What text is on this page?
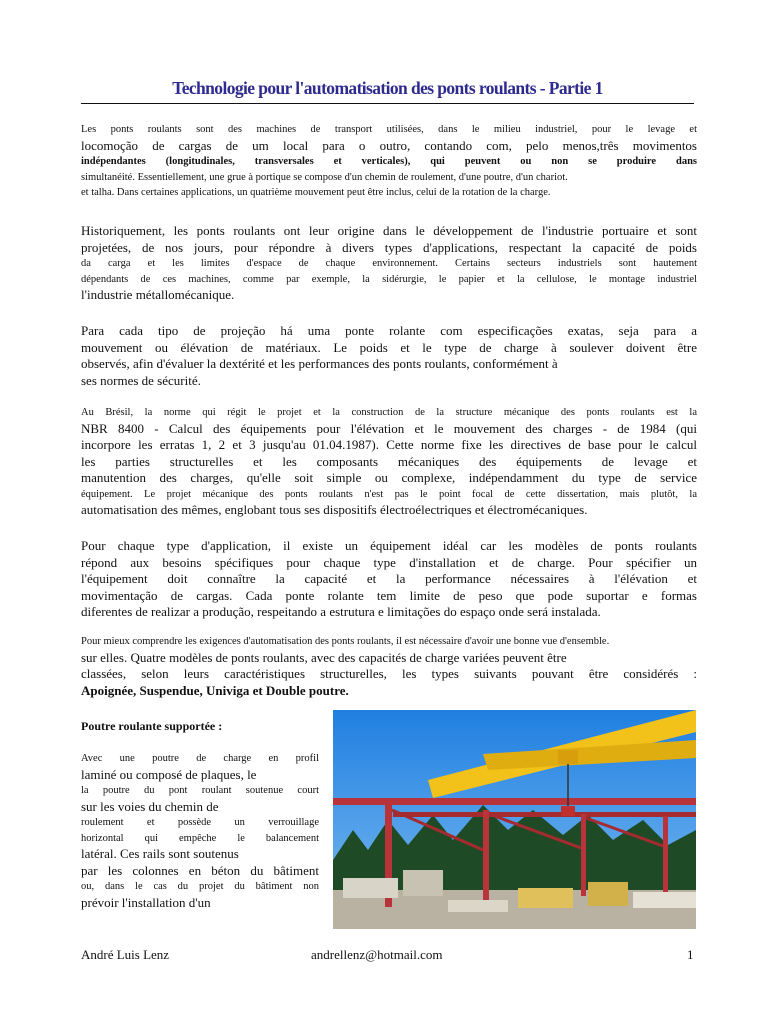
Technologie pour l'automatisation des ponts roulants - Partie 1
Les ponts roulants sont des machines de transport utilisées, dans le milieu industriel, pour le levage et
locomoção de cargas de um local para o outro, contando com, pelo menos,três movimentos
indépendantes (longitudinales, transversales et verticales), qui peuvent ou non se produire dans
simultanéité. Essentiellement, une grue à portique se compose d'un chemin de roulement, d'une poutre, d'un chariot.
et talha. Dans certaines applications, un quatrième mouvement peut être inclus, celui de la rotation de la charge.
Historiquement, les ponts roulants ont leur origine dans le développement de l'industrie portuaire et sont
projetées, de nos jours, pour répondre à divers types d'applications, respectant la capacité de poids
da carga et les limites d'espace de chaque environnement. Certains secteurs industriels sont hautement
dépendants de ces machines, comme par exemple, la sidérurgie, le papier et la cellulose, le montage industriel
l'industrie métallomécanique.
Para cada tipo de projeção há uma ponte rolante com especificações exatas, seja para a
mouvement ou élévation de matériaux. Le poids et le type de charge à soulever doivent être
observés, afin d'évaluer la dextérité et les performances des ponts roulants, conformément à
ses normes de sécurité.
Au Brésil, la norme qui régit le projet et la construction de la structure mécanique des ponts roulants est la
NBR 8400 - Calcul des équipements pour l'élévation et le mouvement des charges - de 1984 (qui
incorpore les erratas 1, 2 et 3 jusqu'au 01.04.1987). Cette norme fixe les directives de base pour le calcul
les parties structurelles et les composants mécaniques des équipements de levage et
manutention des charges, qu'elle soit simple ou complexe, indépendamment du type de service
équipement. Le projet mécanique des ponts roulants n'est pas le point focal de cette dissertation, mais plutôt, la
automatisation des mêmes, englobant tous ses dispositifs électroélectriques et électromécaniques.
Pour chaque type d'application, il existe un équipement idéal car les modèles de ponts roulants
répond aux besoins spécifiques pour chaque type d'installation et de charge. Pour spécifier un
l'équipement doit connaître la capacité et la performance nécessaires à l'élévation et
movimentação de cargas. Cada ponte rolante tem limite de peso que pode suportar e formas
diferentes de realizar a produção, respeitando a estrutura e limitações do espaço onde será instalada.
Pour mieux comprendre les exigences d'automatisation des ponts roulants, il est nécessaire d'avoir une bonne vue d'ensemble.
sur elles. Quatre modèles de ponts roulants, avec des capacités de charge variées peuvent être
classées, selon leurs caractéristiques structurelles, les types suivants pouvant être considérés :
Apoignée, Suspendue, Univiga et Double poutre.
Poutre roulante supportée :
Avec une poutre de charge en profil
laminé ou composé de plaques, le
la poutre du pont roulant soutenue court
sur les voies du chemin de
roulement et possède un verrouillage
horizontal qui empêche le balancement
latéral. Ces rails sont soutenus
par les colonnes en béton du bâtiment
ou, dans le cas du projet du bâtiment non
prévoir l'installation d'un
André Luis Lenz	andrellenz@hotmail.com	1
